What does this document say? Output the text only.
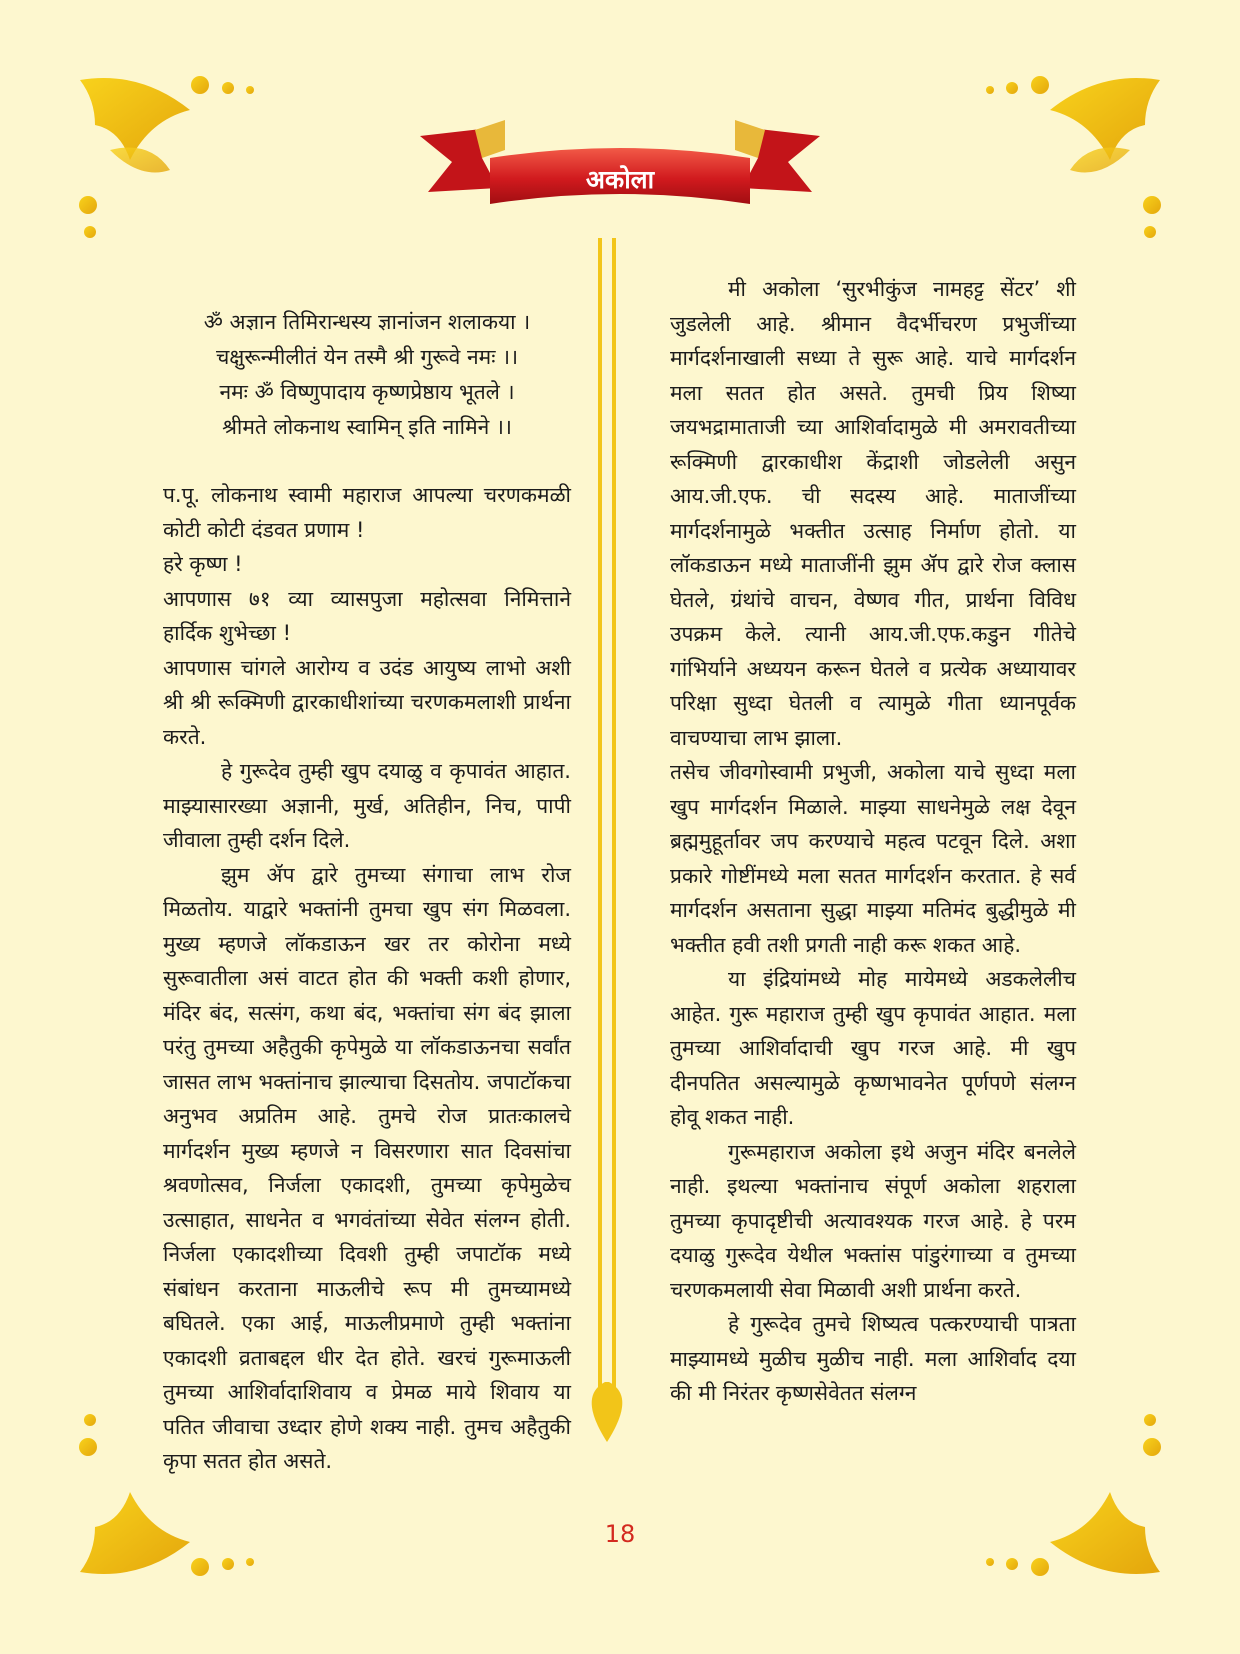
अकोला
ॐ अज्ञान तिमिरान्धस्य ज्ञानांजन शलाकया ।
चक्षुरून्मीलीतं येन तस्मै श्री गुरूवे नमः ।।
नमः ॐ विष्णुपादाय कृष्णप्रेष्ठाय भूतले ।
श्रीमते लोकनाथ स्वामिन् इति नामिने ।।

प.पू. लोकनाथ स्वामी महाराज आपल्या चरणकमळी कोटी कोटी दंडवत प्रणाम !

हरे कृष्ण !

आपणास ७१ व्या व्यासपुजा महोत्सवा निमित्ताने हार्दिक शुभेच्छा !

आपणास चांगले आरोग्य व उदंड आयुष्य लाभो अशी श्री श्री रूक्मिणी द्वारकाधीशांच्या चरणकमलाशी प्रार्थना करते.

हे गुरूदेव तुम्ही खुप दयाळु व कृपावंत आहात. माझ्यासारख्या अज्ञानी, मुर्ख, अतिहीन, निच, पापी जीवाला तुम्ही दर्शन दिले.

झुम ॲप द्वारे तुमच्या संगाचा लाभ रोज मिळतोय. याद्वारे भक्तांनी तुमचा खुप संग मिळवला. मुख्य म्हणजे लॉकडाऊन खर तर कोरोना मध्ये सुरूवातीला असं वाटत होत की भक्ती कशी होणार, मंदिर बंद, सत्संग, कथा बंद, भक्तांचा संग बंद झाला परंतु तुमच्या अहैतुकी कृपेमुळे या लॉकडाऊनचा सर्वांत जासत लाभ भक्तांनाच झाल्याचा दिसतोय. जपाटॉकचा अनुभव अप्रतिम आहे. तुमचे रोज प्रातःकालचे मार्गदर्शन मुख्य म्हणजे न विसरणारा सात दिवसांचा श्रवणोत्सव, निर्जला एकादशी, तुमच्या कृपेमुळेच उत्साहात, साधनेत व भगवंतांच्या सेवेत संलग्न होती. निर्जला एकादशीच्या दिवशी तुम्ही जपाटॉक मध्ये संबांधन करताना माऊलीचे रूप मी तुमच्यामध्ये बघितले. एका आई, माऊलीप्रमाणे तुम्ही भक्तांना एकादशी व्रताबद्दल धीर देत होते. खरचं गुरूमाऊली तुमच्या आशिर्वादाशिवाय व प्रेमळ माये शिवाय या पतित जीवाचा उध्दार होणे शक्य नाही. तुमच अहैतुकी कृपा सतत होत असते.

मी अकोला ‘सुरभीकुंज नामहट्ट सेंटर’ शी जुडलेली आहे. श्रीमान वैदर्भीचरण प्रभुजींच्या मार्गदर्शनाखाली सध्या ते सुरू आहे. याचे मार्गदर्शन मला सतत होत असते. तुमची प्रिय शिष्या जयभद्रामाताजी च्या आशिर्वादामुळे मी अमरावतीच्या रूक्मिणी द्वारकाधीश केंद्राशी जोडलेली असुन आय.जी.एफ. ची सदस्य आहे. माताजींच्या मार्गदर्शनामुळे भक्तीत उत्साह निर्माण होतो. या लॉकडाऊन मध्ये माताजींनी झुम ॲप द्वारे रोज क्लास घेतले, ग्रंथांचे वाचन, वेष्णव गीत, प्रार्थना विविध उपक्रम केले. त्यानी आय.जी.एफ.कडुन गीतेचे गांभिर्याने अध्ययन करून घेतले व प्रत्येक अध्यायावर परिक्षा सुध्दा घेतली व त्यामुळे गीता ध्यानपूर्वक वाचण्याचा लाभ झाला.

तसेच जीवगोस्वामी प्रभुजी, अकोला याचे सुध्दा मला खुप मार्गदर्शन मिळाले. माझ्या साधनेमुळे लक्ष देवून ब्रह्ममुहूर्तावर जप करण्याचे महत्व पटवून दिले. अशा प्रकारे गोष्टींमध्ये मला सतत मार्गदर्शन करतात. हे सर्व मार्गदर्शन असताना सुद्धा माझ्या मतिमंद बुद्धीमुळे मी भक्तीत हवी तशी प्रगती नाही करू शकत आहे.

या इंद्रियांमध्ये मोह मायेमध्ये अडकलेलीच आहेत. गुरू महाराज तुम्ही खुप कृपावंत आहात. मला तुमच्या आशिर्वादाची खुप गरज आहे. मी खुप दीनपतित असल्यामुळे कृष्णभावनेत पूर्णपणे संलग्न होवू शकत नाही.

गुरूमहाराज अकोला इथे अजुन मंदिर बनलेले नाही. इथल्या भक्तांनाच संपूर्ण अकोला शहराला तुमच्या कृपादृष्टीची अत्यावश्यक गरज आहे. हे परम दयाळु गुरूदेव येथील भक्तांस पांडुरंगाच्या व तुमच्या चरणकमलायी सेवा मिळावी अशी प्रार्थना करते.

हे गुरूदेव तुमचे शिष्यत्व पत्करण्याची पात्रता माझ्यामध्ये मुळीच मुळीच नाही. मला आशिर्वाद दया की मी निरंतर कृष्णसेवेतत संलग्न

18
